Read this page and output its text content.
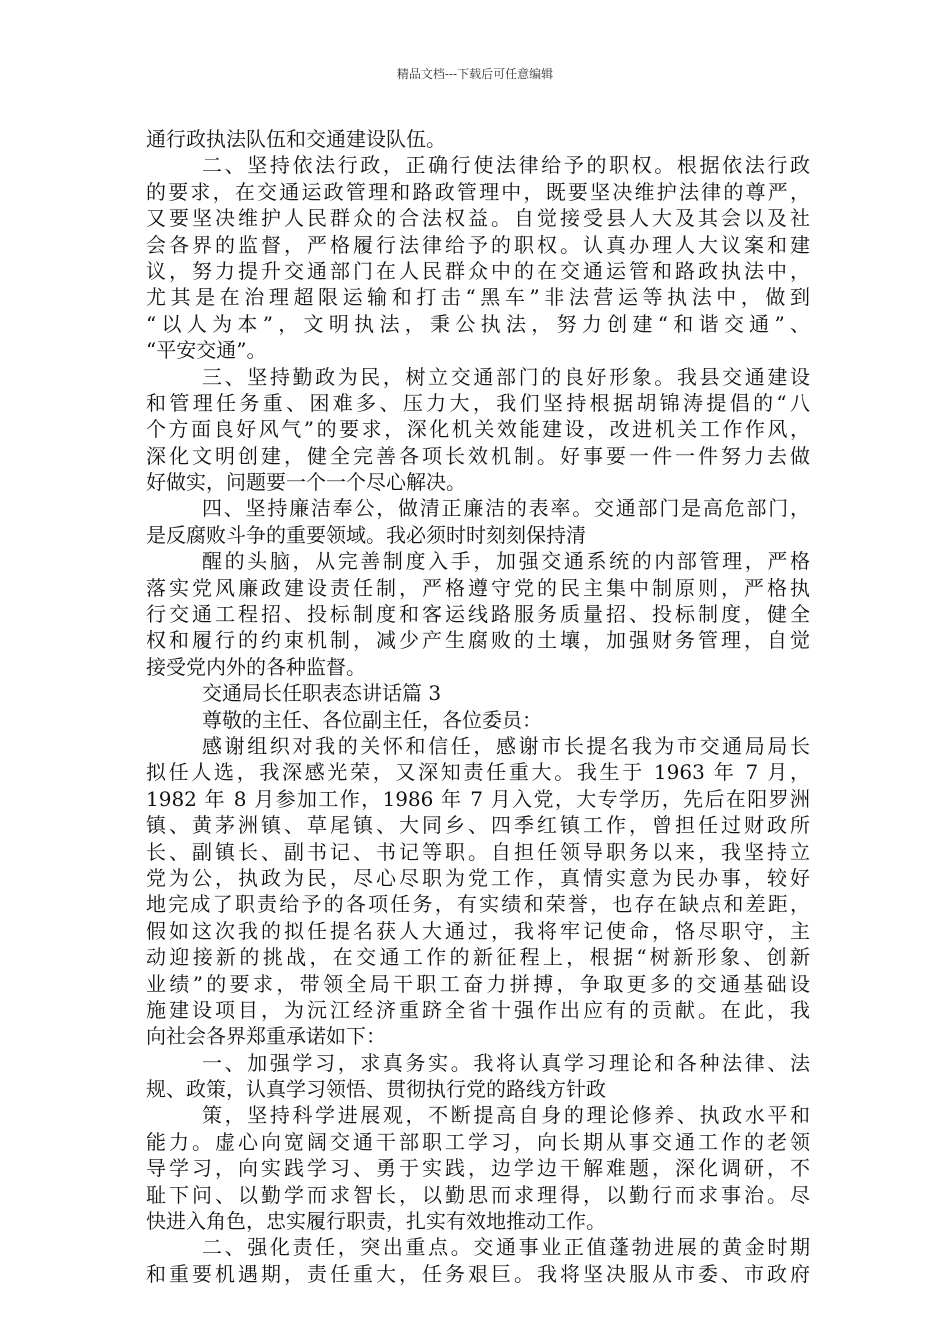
精品文档---下载后可任意编辑
通行政执法队伍和交通建设队伍。
二、坚持依法行政，正确行使法律给予的职权。根据依法行政
的要求，在交通运政管理和路政管理中，既要坚决维护法律的尊严，
又要坚决维护人民群众的合法权益。自觉接受县人大及其会以及社
会各界的监督，严格履行法律给予的职权。认真办理人大议案和建
议，努力提升交通部门在人民群众中的在交通运管和路政执法中，
尤其是在治理超限运输和打击“黑车”非法营运等执法中，做到
“以人为本”，文明执法，秉公执法，努力创建“和谐交通”、
“平安交通”。
三、坚持勤政为民，树立交通部门的良好形象。我县交通建设
和管理任务重、困难多、压力大，我们坚持根据胡锦涛提倡的“八
个方面良好风气”的要求，深化机关效能建设，改进机关工作作风，
深化文明创建，健全完善各项长效机制。好事要一件一件努力去做
好做实，问题要一个一个尽心解决。
四、坚持廉洁奉公，做清正廉洁的表率。交通部门是高危部门，
是反腐败斗争的重要领域。我必须时时刻刻保持清
醒的头脑，从完善制度入手，加强交通系统的内部管理，严格
落实党风廉政建设责任制，严格遵守党的民主集中制原则，严格执
行交通工程招、投标制度和客运线路服务质量招、投标制度，健全
权和履行的约束机制，减少产生腐败的土壤，加强财务管理，自觉
接受党内外的各种监督。
交通局长任职表态讲话篇 3
尊敬的主任、各位副主任，各位委员：
感谢组织对我的关怀和信任，感谢市长提名我为市交通局局长
拟任人选，我深感光荣，又深知责任重大。我生于 1963 年 7 月，
1982 年 8 月参加工作，1986 年 7 月入党，大专学历，先后在阳罗洲
镇、黄茅洲镇、草尾镇、大同乡、四季红镇工作，曾担任过财政所
长、副镇长、副书记、书记等职。自担任领导职务以来，我坚持立
党为公，执政为民，尽心尽职为党工作，真情实意为民办事，较好
地完成了职责给予的各项任务，有实绩和荣誉，也存在缺点和差距，
假如这次我的拟任提名获人大通过，我将牢记使命，恪尽职守，主
动迎接新的挑战，在交通工作的新征程上，根据“树新形象、创新
业绩”的要求，带领全局干职工奋力拼搏，争取更多的交通基础设
施建设项目，为沅江经济重跻全省十强作出应有的贡献。在此，我
向社会各界郑重承诺如下：
一、加强学习，求真务实。我将认真学习理论和各种法律、法
规、政策，认真学习领悟、贯彻执行党的路线方针政
策，坚持科学进展观，不断提高自身的理论修养、执政水平和
能力。虚心向宽阔交通干部职工学习，向长期从事交通工作的老领
导学习，向实践学习、勇于实践，边学边干解难题，深化调研，不
耻下问、以勤学而求智长，以勤思而求理得，以勤行而求事治。尽
快进入角色，忠实履行职责，扎实有效地推动工作。
二、强化责任，突出重点。交通事业正值蓬勃进展的黄金时期
和重要机遇期，责任重大，任务艰巨。我将坚决服从市委、市政府
